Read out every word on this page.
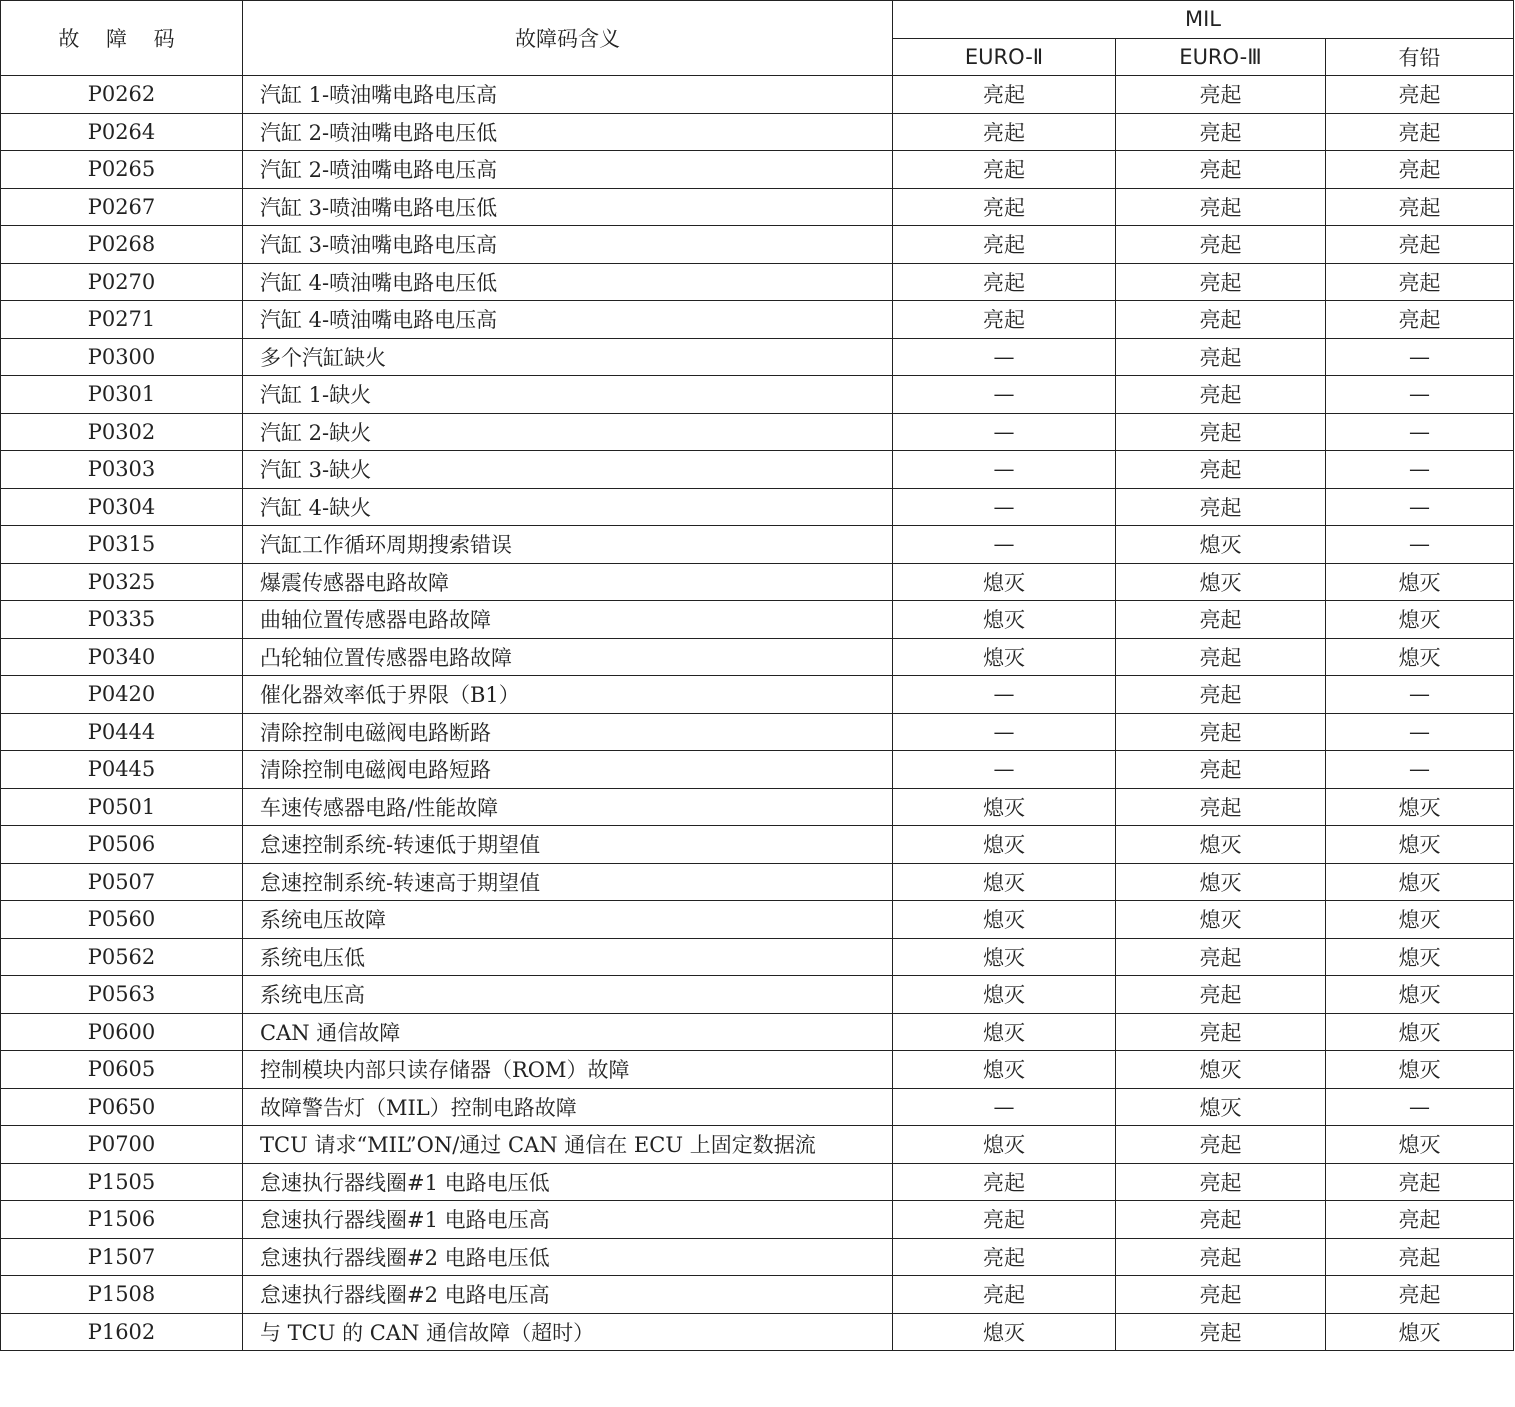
故 障 码	故障码含义	MIL		
		EURO-Ⅱ	EURO-Ⅲ	有铅
P0262	汽缸 1-喷油嘴电路电压高	亮起	亮起	亮起
P0264	汽缸 2-喷油嘴电路电压低	亮起	亮起	亮起
P0265	汽缸 2-喷油嘴电路电压高	亮起	亮起	亮起
P0267	汽缸 3-喷油嘴电路电压低	亮起	亮起	亮起
P0268	汽缸 3-喷油嘴电路电压高	亮起	亮起	亮起
P0270	汽缸 4-喷油嘴电路电压低	亮起	亮起	亮起
P0271	汽缸 4-喷油嘴电路电压高	亮起	亮起	亮起
P0300	多个汽缸缺火	—	亮起	—
P0301	汽缸 1-缺火	—	亮起	—
P0302	汽缸 2-缺火	—	亮起	—
P0303	汽缸 3-缺火	—	亮起	—
P0304	汽缸 4-缺火	—	亮起	—
P0315	汽缸工作循环周期搜索错误	—	熄灭	—
P0325	爆震传感器电路故障	熄灭	熄灭	熄灭
P0335	曲轴位置传感器电路故障	熄灭	亮起	熄灭
P0340	凸轮轴位置传感器电路故障	熄灭	亮起	熄灭
P0420	催化器效率低于界限（B1）	—	亮起	—
P0444	清除控制电磁阀电路断路	—	亮起	—
P0445	清除控制电磁阀电路短路	—	亮起	—
P0501	车速传感器电路/性能故障	熄灭	亮起	熄灭
P0506	怠速控制系统-转速低于期望值	熄灭	熄灭	熄灭
P0507	怠速控制系统-转速高于期望值	熄灭	熄灭	熄灭
P0560	系统电压故障	熄灭	熄灭	熄灭
P0562	系统电压低	熄灭	亮起	熄灭
P0563	系统电压高	熄灭	亮起	熄灭
P0600	CAN 通信故障	熄灭	亮起	熄灭
P0605	控制模块内部只读存储器（ROM）故障	熄灭	熄灭	熄灭
P0650	故障警告灯（MIL）控制电路故障	—	熄灭	—
P0700	TCU 请求“MIL”ON/通过 CAN 通信在 ECU 上固定数据流	熄灭	亮起	熄灭
P1505	怠速执行器线圈#1 电路电压低	亮起	亮起	亮起
P1506	怠速执行器线圈#1 电路电压高	亮起	亮起	亮起
P1507	怠速执行器线圈#2 电路电压低	亮起	亮起	亮起
P1508	怠速执行器线圈#2 电路电压高	亮起	亮起	亮起
P1602	与 TCU 的 CAN 通信故障（超时）	熄灭	亮起	熄灭
